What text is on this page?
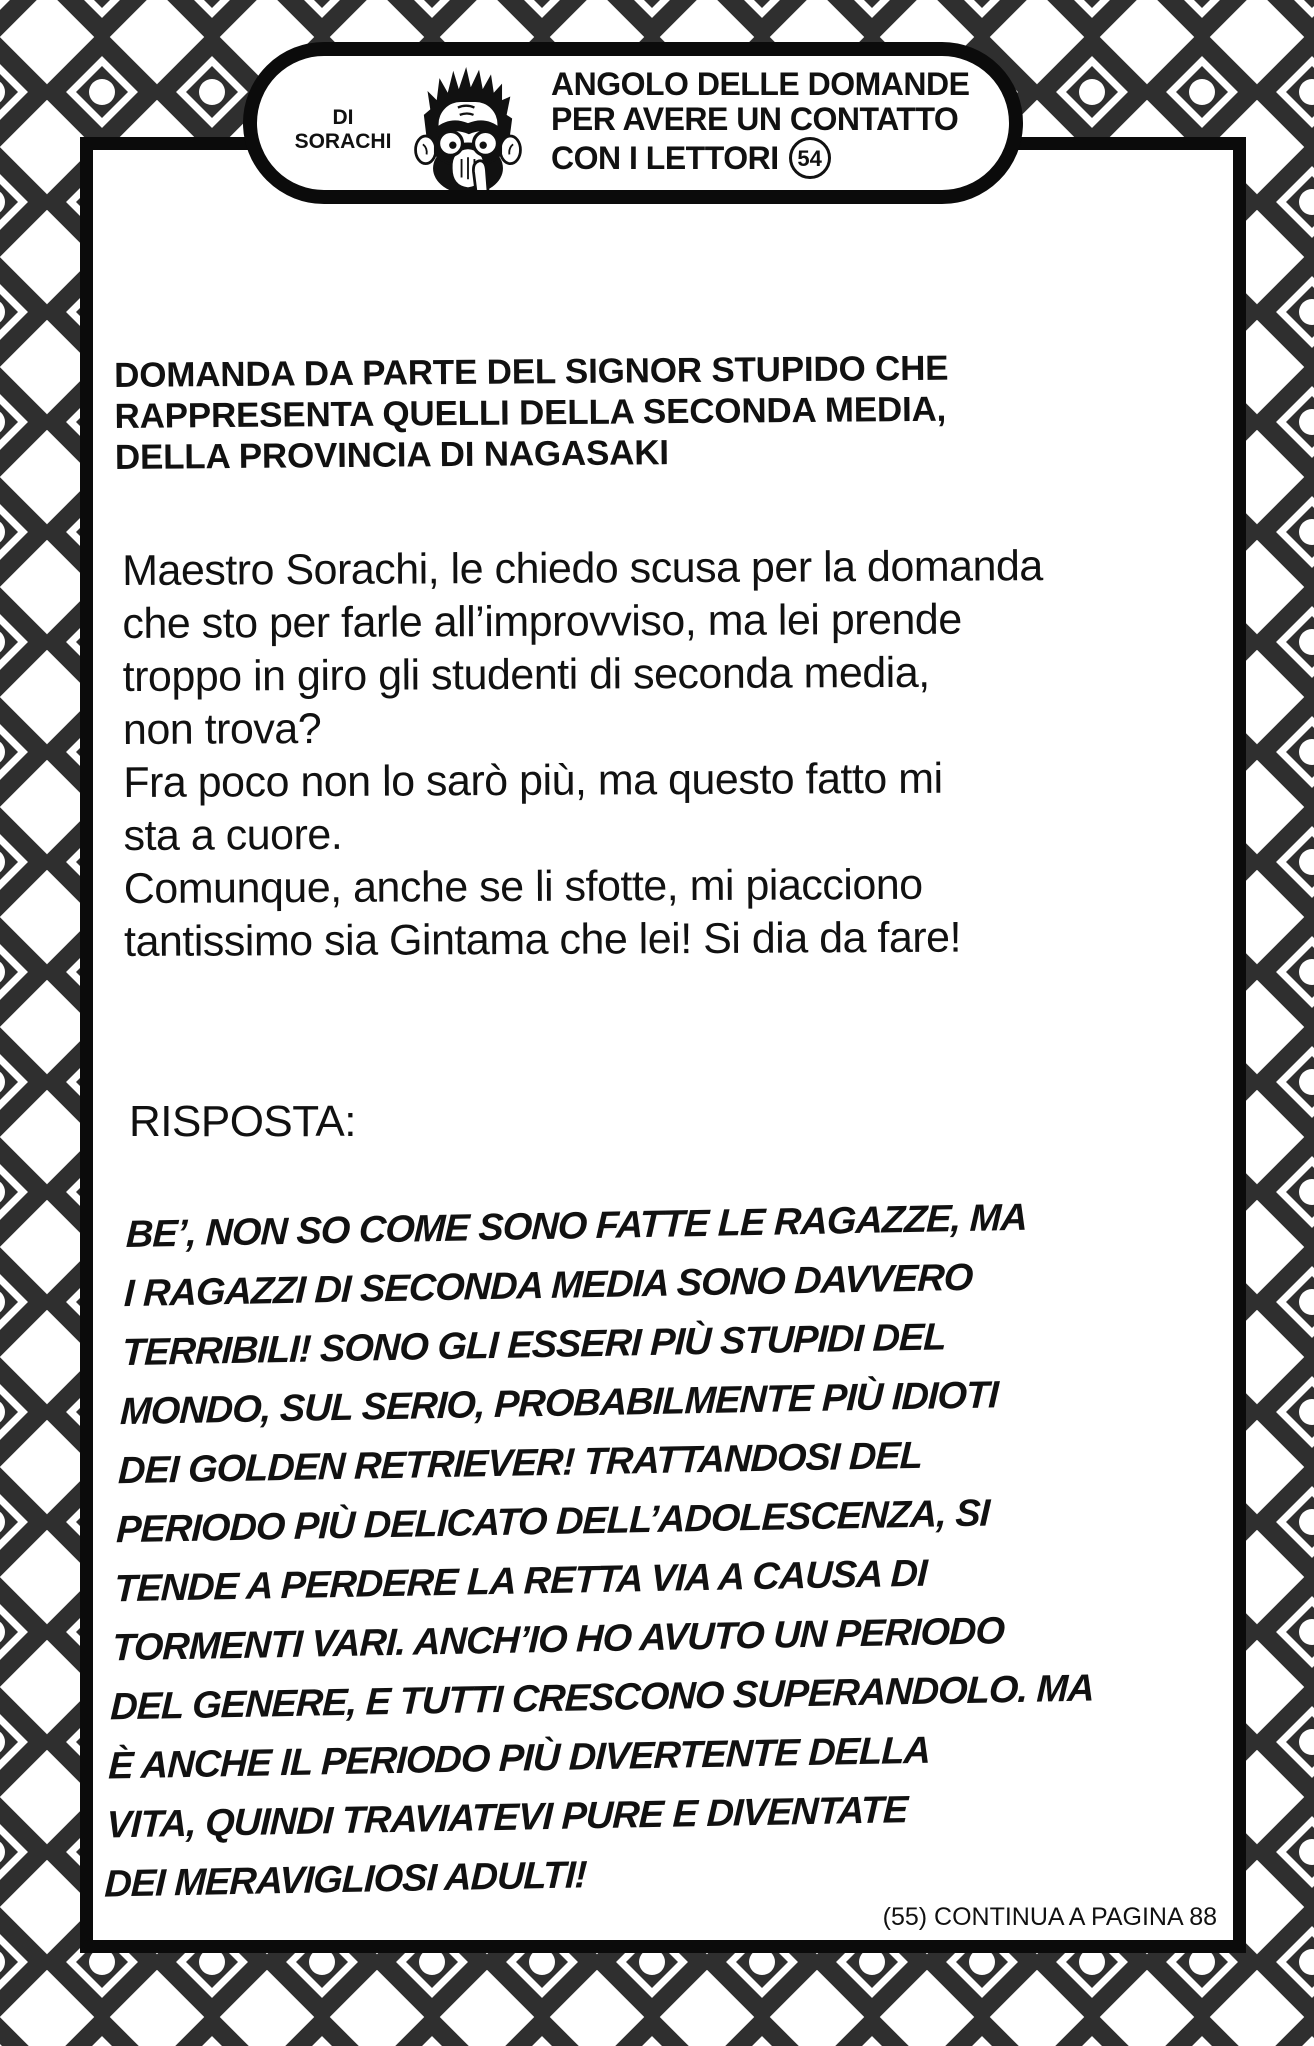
DOMANDA DA PARTE DEL SIGNOR STUPIDO CHE
RAPPRESENTA QUELLI DELLA SECONDA MEDIA,
DELLA PROVINCIA DI NAGASAKI
Maestro Sorachi, le chiedo scusa per la domanda
che sto per farle all’improvviso, ma lei prende
troppo in giro gli studenti di seconda media,
non trova?
Fra poco non lo sarò più, ma questo fatto mi
sta a cuore.
Comunque, anche se li sfotte, mi piacciono
tantissimo sia Gintama che lei! Si dia da fare!
RISPOSTA:
BE’, NON SO COME SONO FATTE LE RAGAZZE, MA
I RAGAZZI DI SECONDA MEDIA SONO DAVVERO
TERRIBILI! SONO GLI ESSERI PIÙ STUPIDI DEL
MONDO, SUL SERIO, PROBABILMENTE PIÙ IDIOTI
DEI GOLDEN RETRIEVER! TRATTANDOSI DEL
PERIODO PIÙ DELICATO DELL’ADOLESCENZA, SI
TENDE A PERDERE LA RETTA VIA A CAUSA DI
TORMENTI VARI. ANCH’IO HO AVUTO UN PERIODO
DEL GENERE, E TUTTI CRESCONO SUPERANDOLO. MA
È ANCHE IL PERIODO PIÙ DIVERTENTE DELLA
VITA, QUINDI TRAVIATEVI PURE E DIVENTATE
DEI MERAVIGLIOSI ADULTI!
(55) CONTINUA A PAGINA 88
DI
SORACHI
ANGOLO DELLE DOMANDE
PER AVERE UN CONTATTO
CON I LETTORI 54
